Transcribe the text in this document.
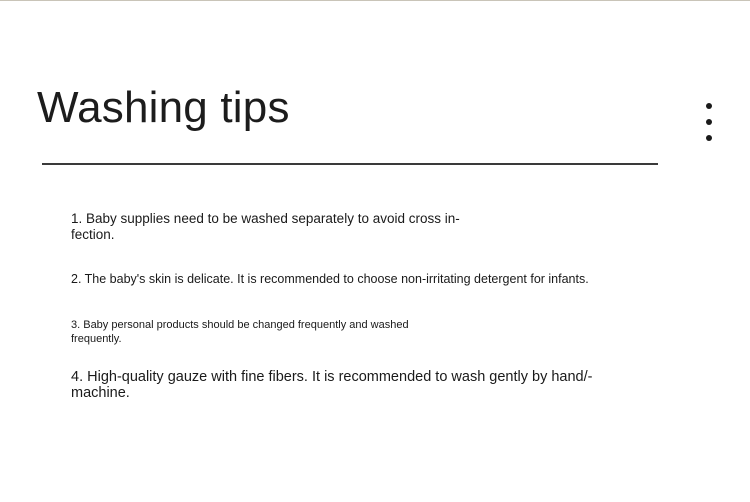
Washing tips

1. Baby supplies need to be washed separately to avoid cross in-fection.

2. The baby's skin is delicate. It is recommended to choose non-irritating detergent for infants.

3. Baby personal products should be changed frequently and washed frequently.

4. High-quality gauze with fine fibers. It is recommended to wash gently by hand/-machine.
